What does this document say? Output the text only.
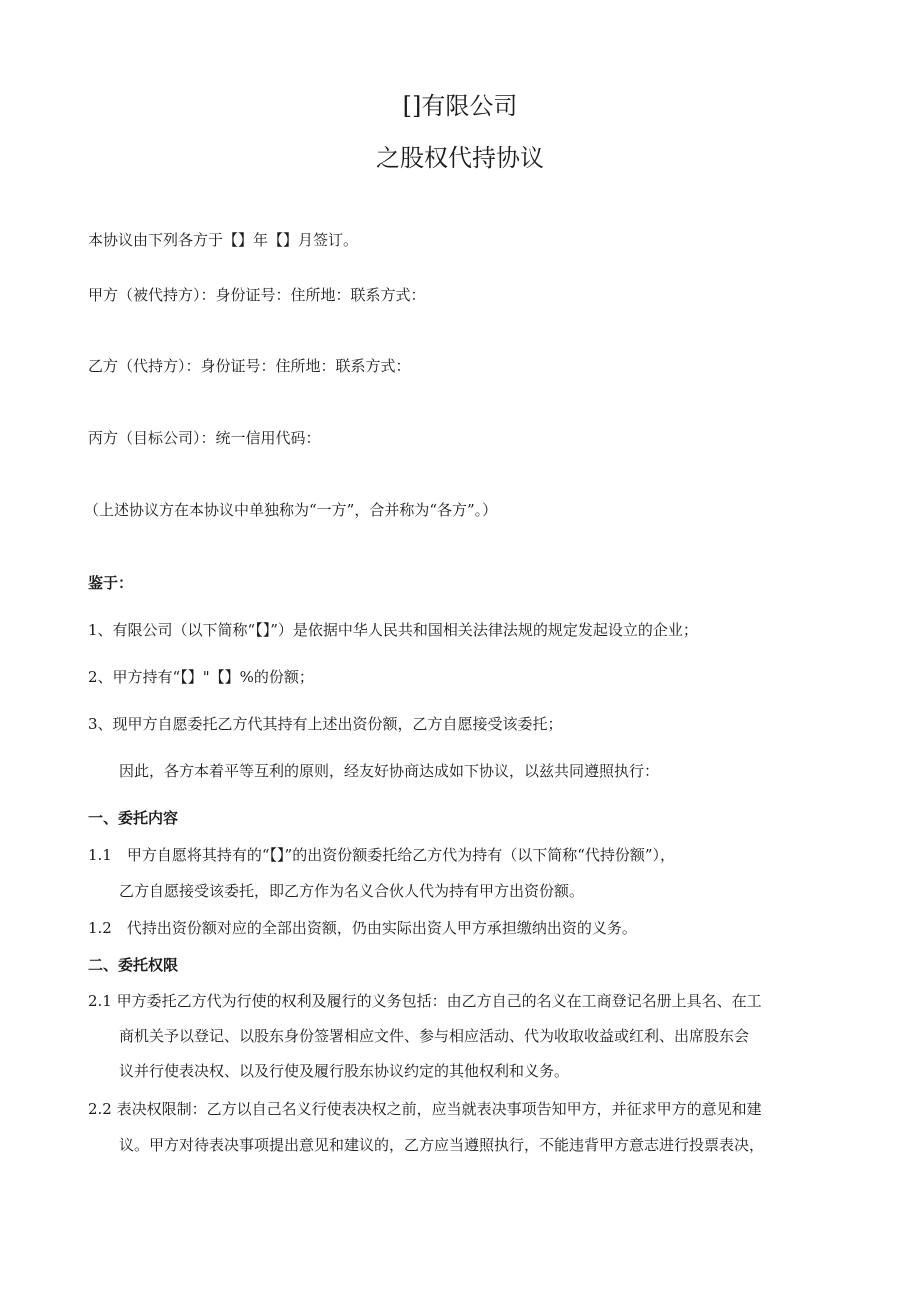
[]有限公司
之股权代持协议
本协议由下列各方于【】年【】月签订。
甲方（被代持方）：身份证号：住所地：联系方式：
乙方（代持方）：身份证号：住所地：联系方式：
丙方（目标公司）：统一信用代码：
（上述协议方在本协议中单独称为“一方”，合并称为“各方”。）
鉴于：
1、有限公司（以下简称“【】”）是依据中华人民共和国相关法律法规的规定发起设立的企业；
2、甲方持有“【】"【】%的份额；
3、现甲方自愿委托乙方代其持有上述出资份额，乙方自愿接受该委托；
因此，各方本着平等互利的原则，经友好协商达成如下协议，以兹共同遵照执行：
一、委托内容
1.1　甲方自愿将其持有的“【】”的出资份额委托给乙方代为持有（以下简称“代持份额”），
乙方自愿接受该委托，即乙方作为名义合伙人代为持有甲方出资份额。
1.2　代持出资份额对应的全部出资额，仍由实际出资人甲方承担缴纳出资的义务。
二、委托权限
2.1 甲方委托乙方代为行使的权利及履行的义务包括：由乙方自己的名义在工商登记名册上具名、在工
商机关予以登记、以股东身份签署相应文件、参与相应活动、代为收取收益或红利、出席股东会
议并行使表决权、以及行使及履行股东协议约定的其他权利和义务。
2.2 表决权限制：乙方以自己名义行使表决权之前，应当就表决事项告知甲方，并征求甲方的意见和建
议。甲方对待表决事项提出意见和建议的，乙方应当遵照执行，不能违背甲方意志进行投票表决，
